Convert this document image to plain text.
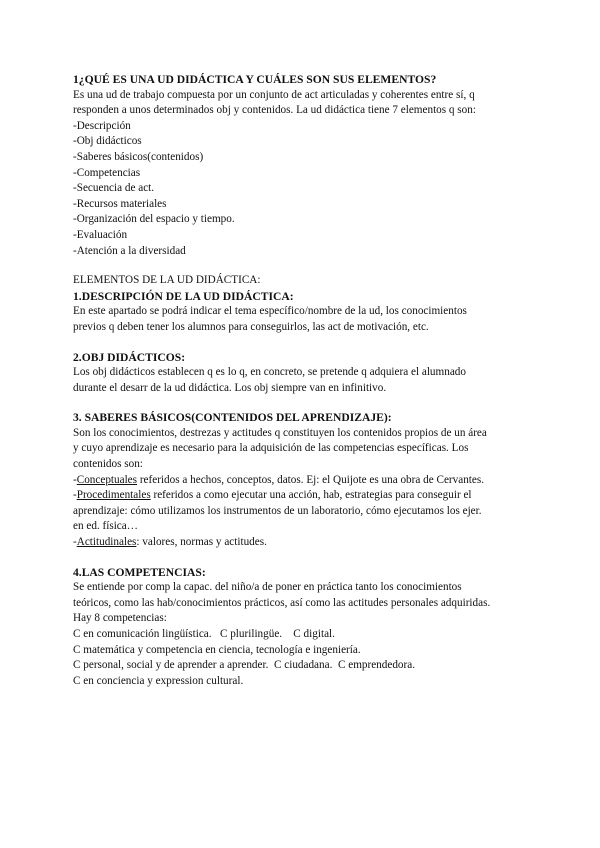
1¿QUÉ ES UNA UD DIDÁCTICA Y CUÁLES SON SUS ELEMENTOS?
Es una ud de trabajo compuesta por un conjunto de act articuladas y coherentes entre sí, q
responden a unos determinados obj y contenidos. La ud didáctica tiene 7 elementos q son:
-Descripción
-Obj didácticos
-Saberes básicos(contenidos)
-Competencias
-Secuencia de act.
-Recursos materiales
-Organización del espacio y tiempo.
-Evaluación
-Atención a la diversidad
ELEMENTOS DE LA UD DIDÁCTICA:
1.DESCRIPCIÓN DE LA UD DIDÁCTICA:
En este apartado se podrá indicar el tema específico/nombre de la ud, los conocimientos
previos q deben tener los alumnos para conseguirlos, las act de motivación, etc.
2.OBJ DIDÁCTICOS:
Los obj didácticos establecen q es lo q, en concreto, se pretende q adquiera el alumnado
durante el desarr de la ud didáctica. Los obj siempre van en infinitivo.
3. SABERES BÁSICOS(CONTENIDOS DEL APRENDIZAJE):
Son los conocimientos, destrezas y actitudes q constituyen los contenidos propios de un área
y cuyo aprendizaje es necesario para la adquisición de las competencias específicas. Los
contenidos son:
-Conceptuales referidos a hechos, conceptos, datos. Ej: el Quijote es una obra de Cervantes.
-Procedimentales referidos a como ejecutar una acción, hab, estrategias para conseguir el
aprendizaje: cómo utilizamos los instrumentos de un laboratorio, cómo ejecutamos los ejer.
en ed. física…
-Actitudinales: valores, normas y actitudes.
4.LAS COMPETENCIAS:
Se entiende por comp la capac. del niño/a de poner en práctica tanto los conocimientos
teóricos, como las hab/conocimientos prácticos, así como las actitudes personales adquiridas.
Hay 8 competencias:
C en comunicación lingüística.   C plurilingüe.    C digital.
C matemática y competencia en ciencia, tecnología e ingeniería.
C personal, social y de aprender a aprender.  C ciudadana.  C emprendedora.
C en conciencia y expression cultural.
